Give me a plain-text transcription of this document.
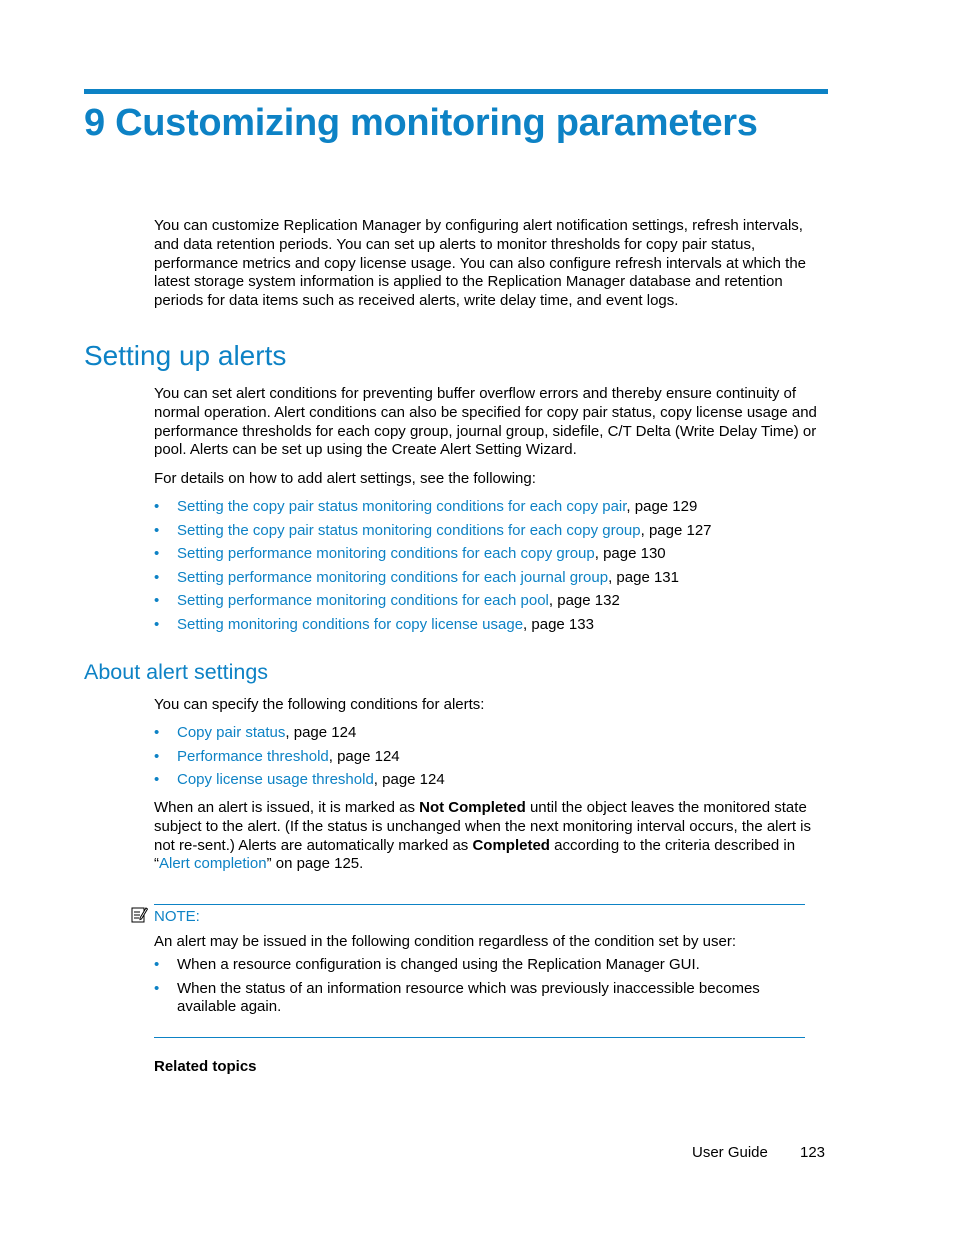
9 Customizing monitoring parameters

You can customize Replication Manager by configuring alert notification settings, refresh intervals, and data retention periods. You can set up alerts to monitor thresholds for copy pair status, performance metrics and copy license usage. You can also configure refresh intervals at which the latest storage system information is applied to the Replication Manager database and retention periods for data items such as received alerts, write delay time, and event logs.

Setting up alerts

You can set alert conditions for preventing buffer overflow errors and thereby ensure continuity of normal operation. Alert conditions can also be specified for copy pair status, copy license usage and performance thresholds for each copy group, journal group, sidefile, C/T Delta (Write Delay Time) or pool. Alerts can be set up using the Create Alert Setting Wizard.

For details on how to add alert settings, see the following:

• Setting the copy pair status monitoring conditions for each copy pair, page 129
• Setting the copy pair status monitoring conditions for each copy group, page 127
• Setting performance monitoring conditions for each copy group, page 130
• Setting performance monitoring conditions for each journal group, page 131
• Setting performance monitoring conditions for each pool, page 132
• Setting monitoring conditions for copy license usage, page 133
About alert settings

You can specify the following conditions for alerts:

• Copy pair status, page 124
• Performance threshold, page 124
• Copy license usage threshold, page 124

When an alert is issued, it is marked as Not Completed until the object leaves the monitored state subject to the alert. (If the status is unchanged when the next monitoring interval occurs, the alert is not re-sent.) Alerts are automatically marked as Completed according to the criteria described in “Alert completion” on page 125.

NOTE:

An alert may be issued in the following condition regardless of the condition set by user:

• When a resource configuration is changed using the Replication Manager GUI.
• When the status of an information resource which was previously inaccessible becomes available again.

Related topics

User Guide 123
